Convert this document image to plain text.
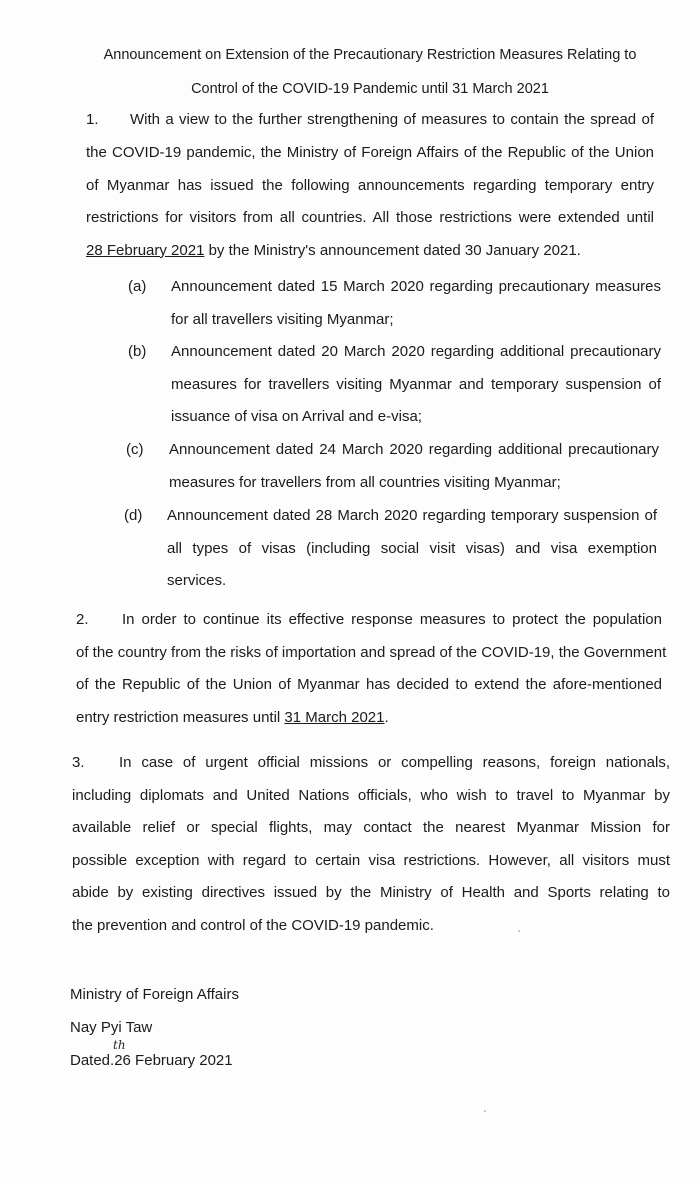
Announcement on Extension of the Precautionary Restriction Measures Relating to
Control of the COVID-19 Pandemic until 31 March 2021
1. With a view to the further strengthening of measures to contain the spread of
the COVID-19 pandemic, the Ministry of Foreign Affairs of the Republic of the Union
of Myanmar has issued the following announcements regarding temporary entry
restrictions for visitors from all countries. All those restrictions were extended until
28 February 2021 by the Ministry's announcement dated 30 January 2021.
(a) Announcement dated 15 March 2020 regarding precautionary measures
for all travellers visiting Myanmar;
(b) Announcement dated 20 March 2020 regarding additional precautionary
measures for travellers visiting Myanmar and temporary suspension of
issuance of visa on Arrival and e-visa;
(c) Announcement dated 24 March 2020 regarding additional precautionary
measures for travellers from all countries visiting Myanmar;
(d) Announcement dated 28 March 2020 regarding temporary suspension of
all types of visas (including social visit visas) and visa exemption
services.
2. In order to continue its effective response measures to protect the population
of the country from the risks of importation and spread of the COVID-19, the Government
of the Republic of the Union of Myanmar has decided to extend the afore-mentioned
entry restriction measures until 31 March 2021.
3. In case of urgent official missions or compelling reasons, foreign nationals,
including diplomats and United Nations officials, who wish to travel to Myanmar by
available relief or special flights, may contact the nearest Myanmar Mission for
possible exception with regard to certain visa restrictions. However, all visitors must
abide by existing directives issued by the Ministry of Health and Sports relating to
the prevention and control of the COVID-19 pandemic.
Ministry of Foreign Affairs
Nay Pyi Taw
th
Dated.26 February 2021
